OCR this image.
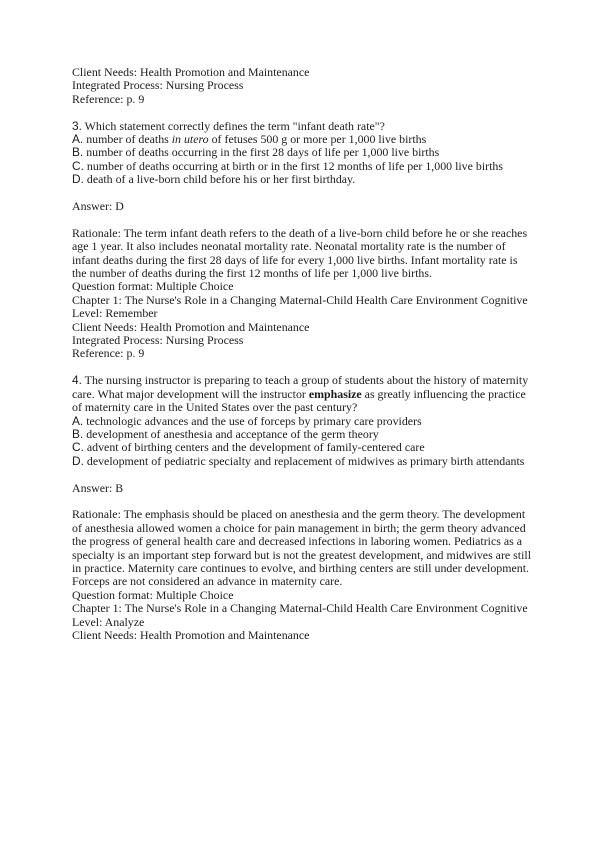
Client Needs: Health Promotion and Maintenance

Integrated Process: Nursing Process

Reference: p. 9

3. Which statement correctly defines the term "infant death rate"?

A. number of deaths in utero of fetuses 500 g or more per 1,000 live births

B. number of deaths occurring in the first 28 days of life per 1,000 live births

C. number of deaths occurring at birth or in the first 12 months of life per 1,000 live births

D. death of a live-born child before his or her first birthday.

Answer: D

Rationale: The term infant death refers to the death of a live-born child before he or she reaches age 1 year. It also includes neonatal mortality rate. Neonatal mortality rate is the number of infant deaths during the first 28 days of life for every 1,000 live births. Infant mortality rate is the number of deaths during the first 12 months of life per 1,000 live births.

Question format: Multiple Choice

Chapter 1: The Nurse's Role in a Changing Maternal-Child Health Care Environment Cognitive Level: Remember

Client Needs: Health Promotion and Maintenance

Integrated Process: Nursing Process

Reference: p. 9

4. The nursing instructor is preparing to teach a group of students about the history of maternity care. What major development will the instructor emphasize as greatly influencing the practice of maternity care in the United States over the past century?

A. technologic advances and the use of forceps by primary care providers

B. development of anesthesia and acceptance of the germ theory

C. advent of birthing centers and the development of family-centered care

D. development of pediatric specialty and replacement of midwives as primary birth attendants

Answer: B

Rationale: The emphasis should be placed on anesthesia and the germ theory. The development of anesthesia allowed women a choice for pain management in birth; the germ theory advanced the progress of general health care and decreased infections in laboring women. Pediatrics as a specialty is an important step forward but is not the greatest development, and midwives are still in practice. Maternity care continues to evolve, and birthing centers are still under development. Forceps are not considered an advance in maternity care.

Question format: Multiple Choice

Chapter 1: The Nurse's Role in a Changing Maternal-Child Health Care Environment Cognitive Level: Analyze

Client Needs: Health Promotion and Maintenance
